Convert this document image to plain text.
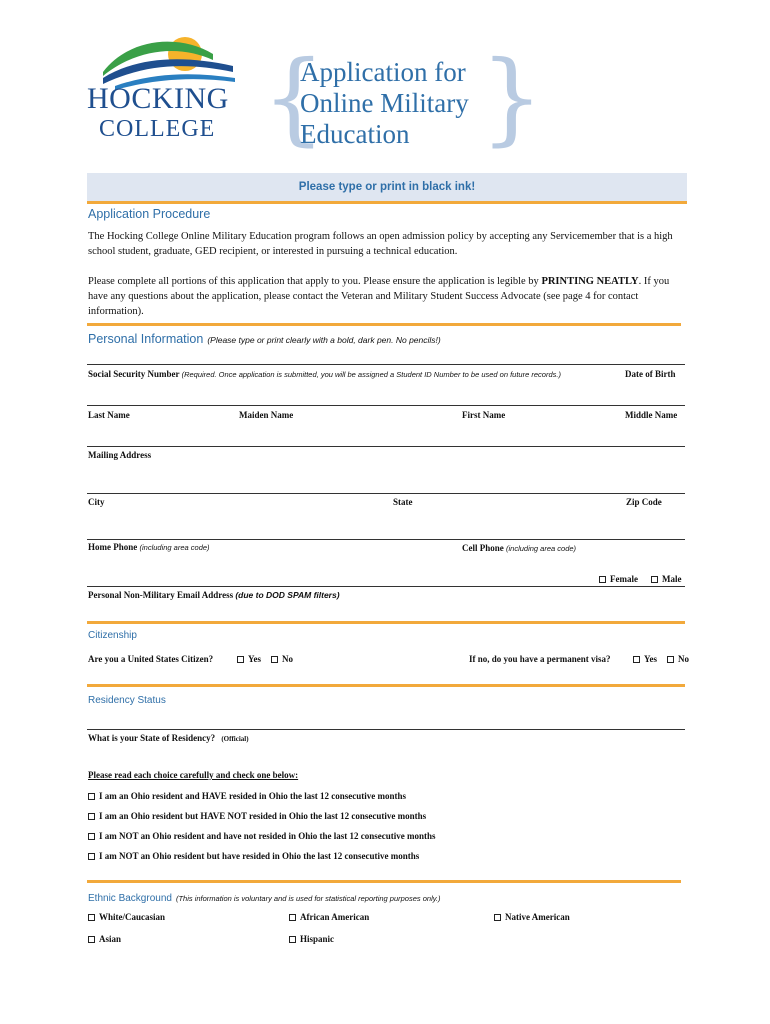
HOCKING
COLLEGE { }
Application for
Online Military
Education
Please type or print in black ink!
Application Procedure
The Hocking College Online Military Education program follows an open admission policy by accepting any Servicemember that is a high school student, graduate, GED recipient, or interested in pursuing a technical education.
Please complete all portions of this application that apply to you. Please ensure the application is legible by PRINTING NEATLY. If you have any questions about the application, please contact the Veteran and Military Student Success Advocate (see page 4 for contact information).
Personal Information (Please type or print clearly with a bold, dark pen. No pencils!)
Social Security Number (Required. Once application is submitted, you will be assigned a Student ID Number to be used on future records.)	Date of Birth
Last Name	Maiden Name	First Name	Middle Name
Mailing Address
City	State	Zip Code
Home Phone (including area code)	Cell Phone (including area code)
Female	Male
Personal Non-Military Email Address (due to DOD SPAM filters)
Citizenship
Are you a United States Citizen?	Yes	No	If no, do you have a permanent visa?	Yes	No
Residency Status
What is your State of Residency? (Official)
Please read each choice carefully and check one below:
I am an Ohio resident and HAVE resided in Ohio the last 12 consecutive months
I am an Ohio resident but HAVE NOT resided in Ohio the last 12 consecutive months
I am NOT an Ohio resident and have not resided in Ohio the last 12 consecutive months
I am NOT an Ohio resident but have resided in Ohio the last 12 consecutive months
Ethnic Background (This information is voluntary and is used for statistical reporting purposes only.)
White/Caucasian	African American	Native American
Asian	Hispanic
